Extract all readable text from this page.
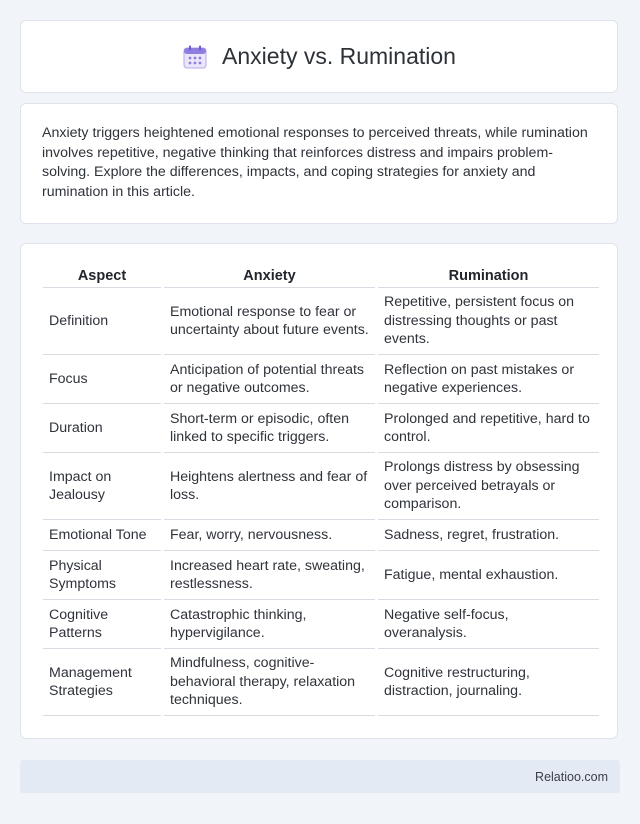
Anxiety vs. Rumination

Anxiety triggers heightened emotional responses to perceived threats, while rumination involves repetitive, negative thinking that reinforces distress and impairs problem-solving. Explore the differences, impacts, and coping strategies for anxiety and rumination in this article.

Aspect	Anxiety	Rumination
Definition	Emotional response to fear or uncertainty about future events.	Repetitive, persistent focus on distressing thoughts or past events.
Focus	Anticipation of potential threats or negative outcomes.	Reflection on past mistakes or negative experiences.
Duration	Short-term or episodic, often linked to specific triggers.	Prolonged and repetitive, hard to control.
Impact on Jealousy	Heightens alertness and fear of loss.	Prolongs distress by obsessing over perceived betrayals or comparison.
Emotional Tone	Fear, worry, nervousness.	Sadness, regret, frustration.
Physical Symptoms	Increased heart rate, sweating, restlessness.	Fatigue, mental exhaustion.
Cognitive Patterns	Catastrophic thinking, hypervigilance.	Negative self-focus, overanalysis.
Management Strategies	Mindfulness, cognitive-behavioral therapy, relaxation techniques.	Cognitive restructuring, distraction, journaling.
Relatioo.com
